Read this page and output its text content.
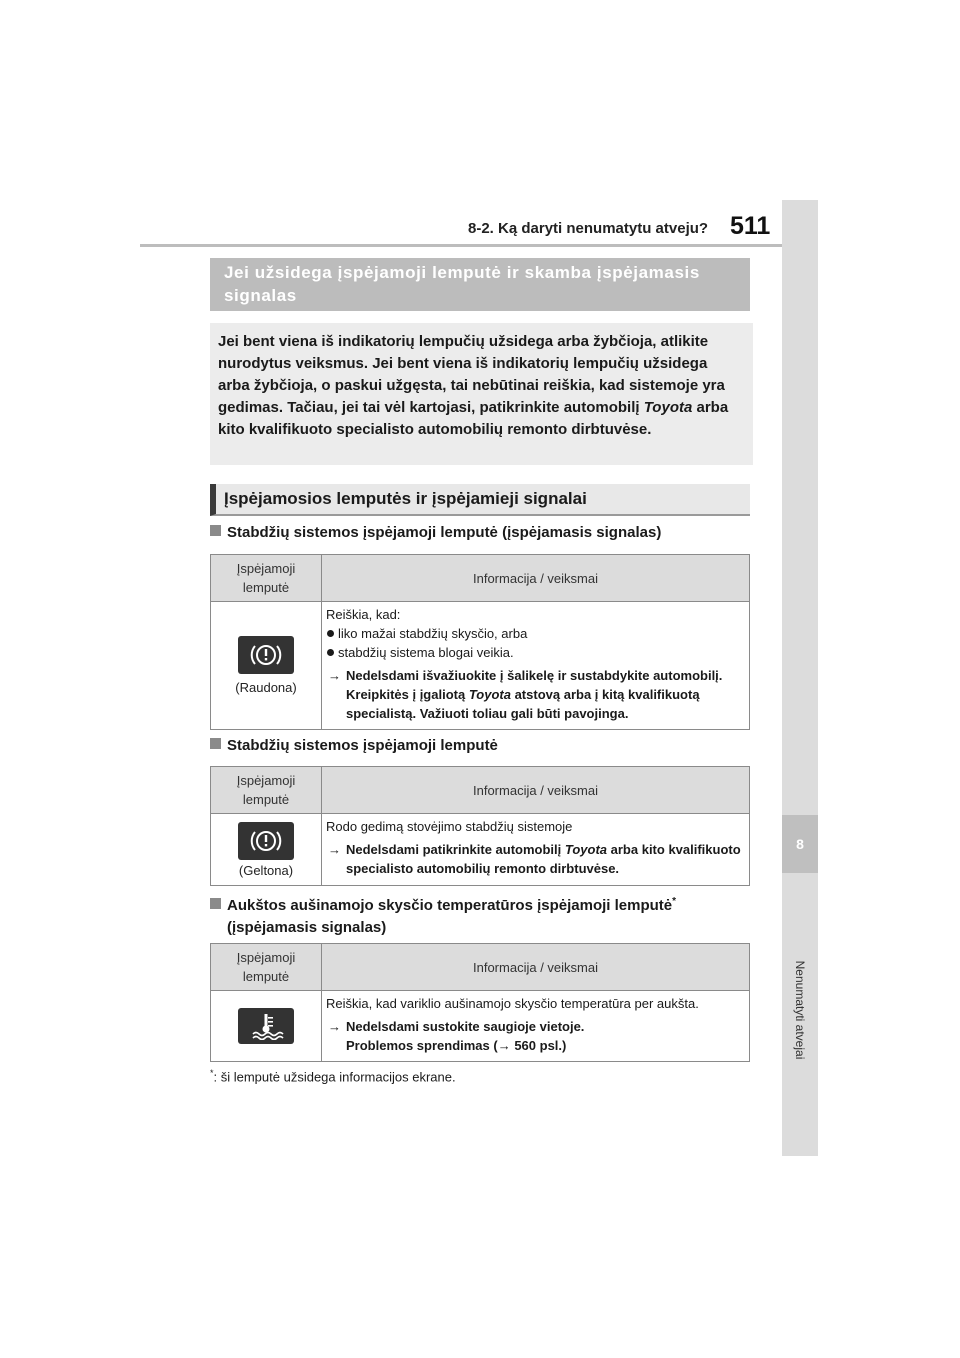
8-2. Ką daryti nenumatytu atveju? 511
8
Nenumatyti atvejai
Jei užsidega įspėjamoji lemputė ir skamba įspėjamasis signalas

Jei bent viena iš indikatorių lempučių užsidega arba žybčioja, atlikite nurodytus veiksmus. Jei bent viena iš indikatorių lempučių užsidega arba žybčioja, o paskui užgęsta, tai nebūtinai reiškia, kad sistemoje yra gedimas. Tačiau, jei tai vėl kartojasi, patikrinkite automobilį Toyota arba kito kvalifikuoto specialisto automobilių remonto dirbtuvėse.

Įspėjamosios lemputės ir įspėjamieji signalai
Stabdžių sistemos įspėjamoji lemputė (įspėjamasis signalas)
Įspėjamoji lemputė	Informacija / veiksmai

(Raudona)	Reiškia, kad:
liko mažai stabdžių skysčio, arba
stabdžių sistema blogai veikia.
→ Nedelsdami išvažiuokite į šalikelę ir sustabdykite automobilį. Kreipkitės į įgaliotą Toyota atstovą arba į kitą kvalifikuotą specialistą. Važiuoti toliau gali būti pavojinga.
Stabdžių sistemos įspėjamoji lemputė
Įspėjamoji lemputė	Informacija / veiksmai

(Geltona)	Rodo gedimą stovėjimo stabdžių sistemoje
→ Nedelsdami patikrinkite automobilį Toyota arba kito kvalifikuoto specialisto automobilių remonto dirbtuvėse.
Aukštos aušinamojo skysčio temperatūros įspėjamoji lemputė*
(įspėjamasis signalas)
Įspėjamoji lemputė	Informacija / veiksmai

Reiškia, kad variklio aušinamojo skysčio temperatūra per aukšta.
→ Nedelsdami sustokite saugioje vietoje.
Problemos sprendimas (→ 560 psl.)
*: ši lemputė užsidega informacijos ekrane.
